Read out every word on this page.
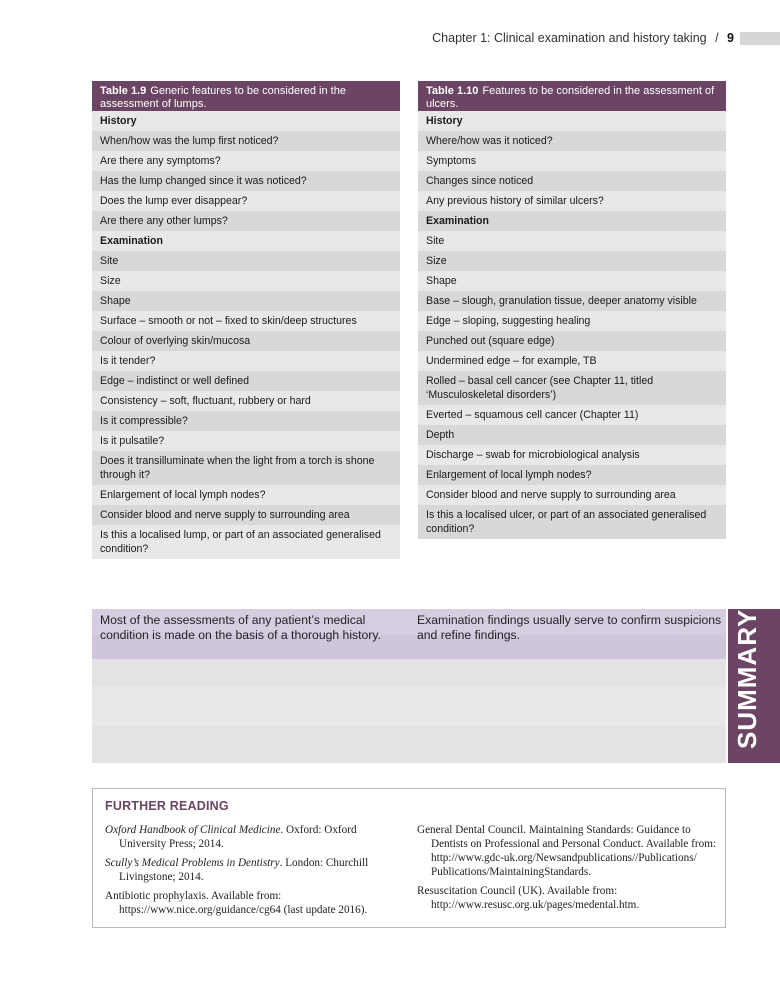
Chapter 1: Clinical examination and history taking / 9
Table 1.9 Generic features to be considered in the assessment of lumps.
History
When/how was the lump first noticed?
Are there any symptoms?
Has the lump changed since it was noticed?
Does the lump ever disappear?
Are there any other lumps?
Examination
Site
Size
Shape
Surface – smooth or not – fixed to skin/deep structures
Colour of overlying skin/mucosa
Is it tender?
Edge – indistinct or well defined
Consistency – soft, fluctuant, rubbery or hard
Is it compressible?
Is it pulsatile?
Does it transilluminate when the light from a torch is shone through it?
Enlargement of local lymph nodes?
Consider blood and nerve supply to surrounding area
Is this a localised lump, or part of an associated generalised condition?
Table 1.10 Features to be considered in the assessment of ulcers.
History
Where/how was it noticed?
Symptoms
Changes since noticed
Any previous history of similar ulcers?
Examination
Site
Size
Shape
Base – slough, granulation tissue, deeper anatomy visible
Edge – sloping, suggesting healing
Punched out (square edge)
Undermined edge – for example, TB
Rolled – basal cell cancer (see Chapter 11, titled ‘Musculoskeletal disorders’)
Everted – squamous cell cancer (Chapter 11)
Depth
Discharge – swab for microbiological analysis
Enlargement of local lymph nodes?
Consider blood and nerve supply to surrounding area
Is this a localised ulcer, or part of an associated generalised condition?
Most of the assessments of any patient’s medical condition is made on the basis of a thorough history.
Examination findings usually serve to confirm suspicions and refine findings.	SUMMARY
FURTHER READING
Oxford Handbook of Clinical Medicine. Oxford: Oxford University Press; 2014.
Scully’s Medical Problems in Dentistry. London: Churchill Livingstone; 2014.
Antibiotic prophylaxis. Available from: https://www.nice.org/guidance/cg64 (last update 2016).
General Dental Council. Maintaining Standards: Guidance to Dentists on Professional and Personal Conduct. Available from: http://www.gdc-uk.org/Newsandpublications//Publications/ Publications/MaintainingStandards.
Resuscitation Council (UK). Available from: http://www.resusc.org.uk/pages/medental.htm.
